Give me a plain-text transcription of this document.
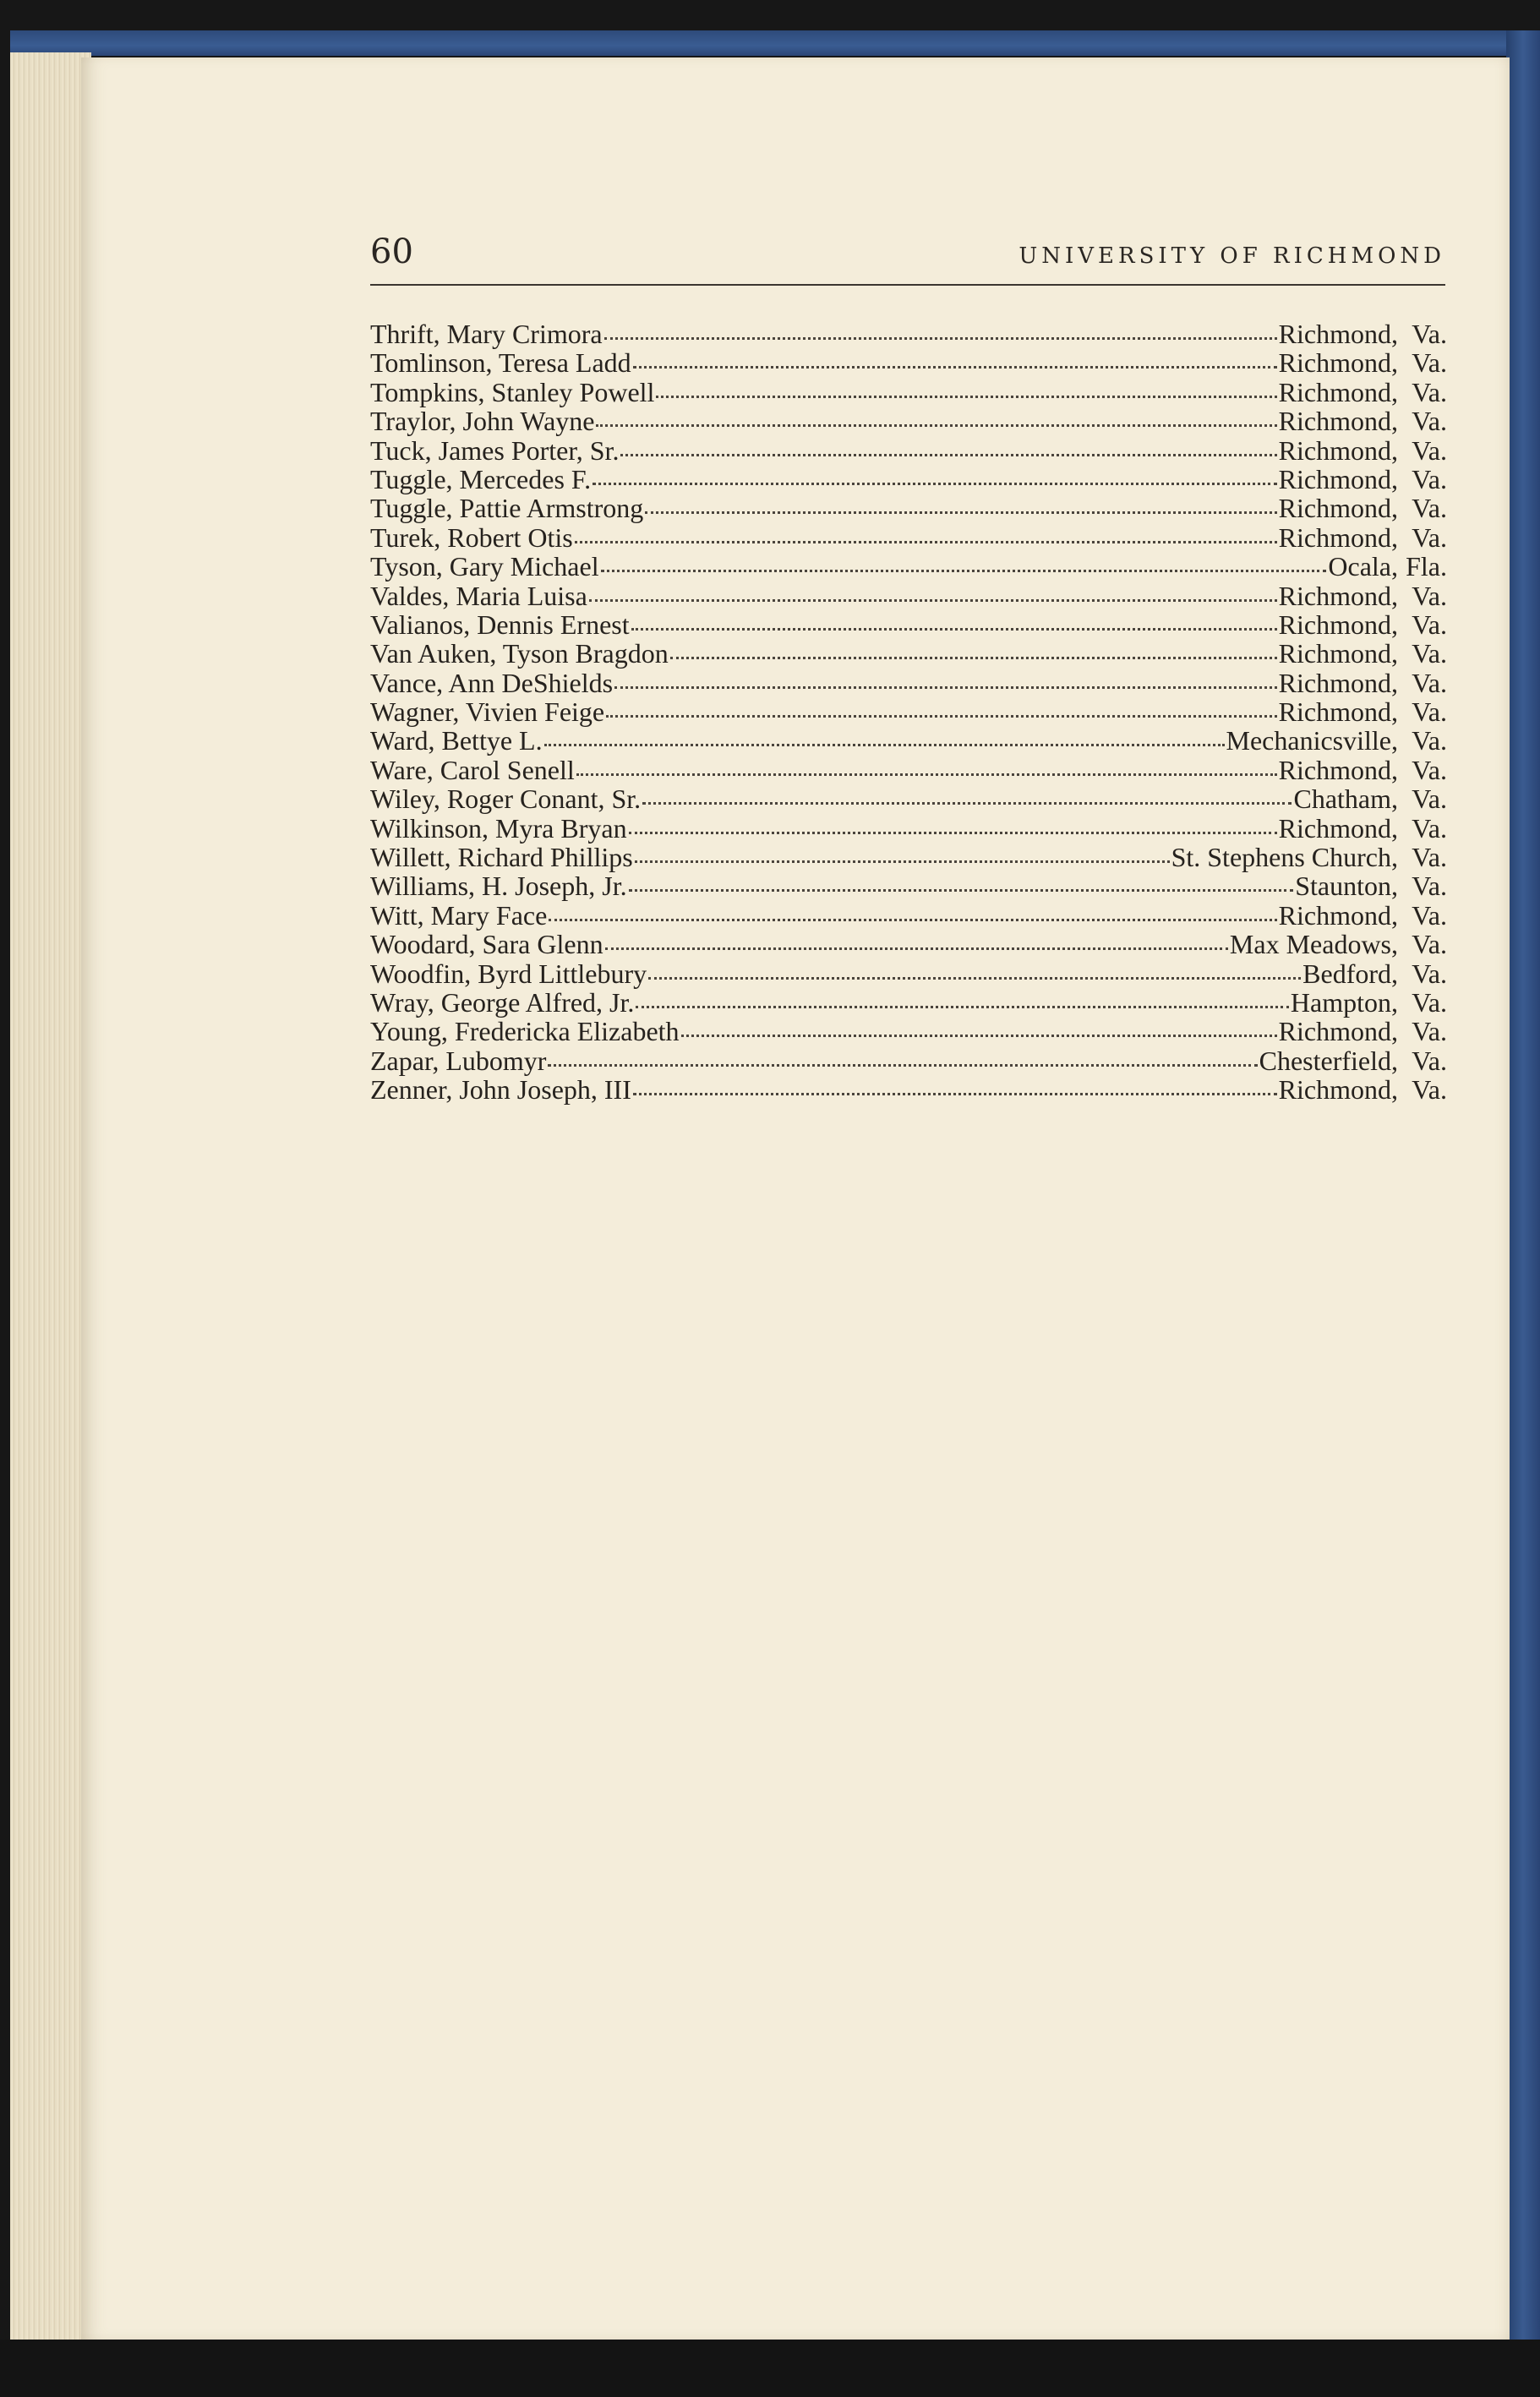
60	UNIVERSITY OF RICHMOND
Thrift, Mary Crimora	Richmond, Va.
Tomlinson, Teresa Ladd	Richmond, Va.
Tompkins, Stanley Powell	Richmond, Va.
Traylor, John Wayne	Richmond, Va.
Tuck, James Porter, Sr.	Richmond, Va.
Tuggle, Mercedes F.	Richmond, Va.
Tuggle, Pattie Armstrong	Richmond, Va.
Turek, Robert Otis	Richmond, Va.
Tyson, Gary Michael	Ocala, Fla.
Valdes, Maria Luisa	Richmond, Va.
Valianos, Dennis Ernest	Richmond, Va.
Van Auken, Tyson Bragdon	Richmond, Va.
Vance, Ann DeShields	Richmond, Va.
Wagner, Vivien Feige	Richmond, Va.
Ward, Bettye L.	Mechanicsville, Va.
Ware, Carol Senell	Richmond, Va.
Wiley, Roger Conant, Sr.	Chatham, Va.
Wilkinson, Myra Bryan	Richmond, Va.
Willett, Richard Phillips	St. Stephens Church, Va.
Williams, H. Joseph, Jr.	Staunton, Va.
Witt, Mary Face	Richmond, Va.
Woodard, Sara Glenn	Max Meadows, Va.
Woodfin, Byrd Littlebury	Bedford, Va.
Wray, George Alfred, Jr.	Hampton, Va.
Young, Fredericka Elizabeth	Richmond, Va.
Zapar, Lubomyr	Chesterfield, Va.
Zenner, John Joseph, III	Richmond, Va.
